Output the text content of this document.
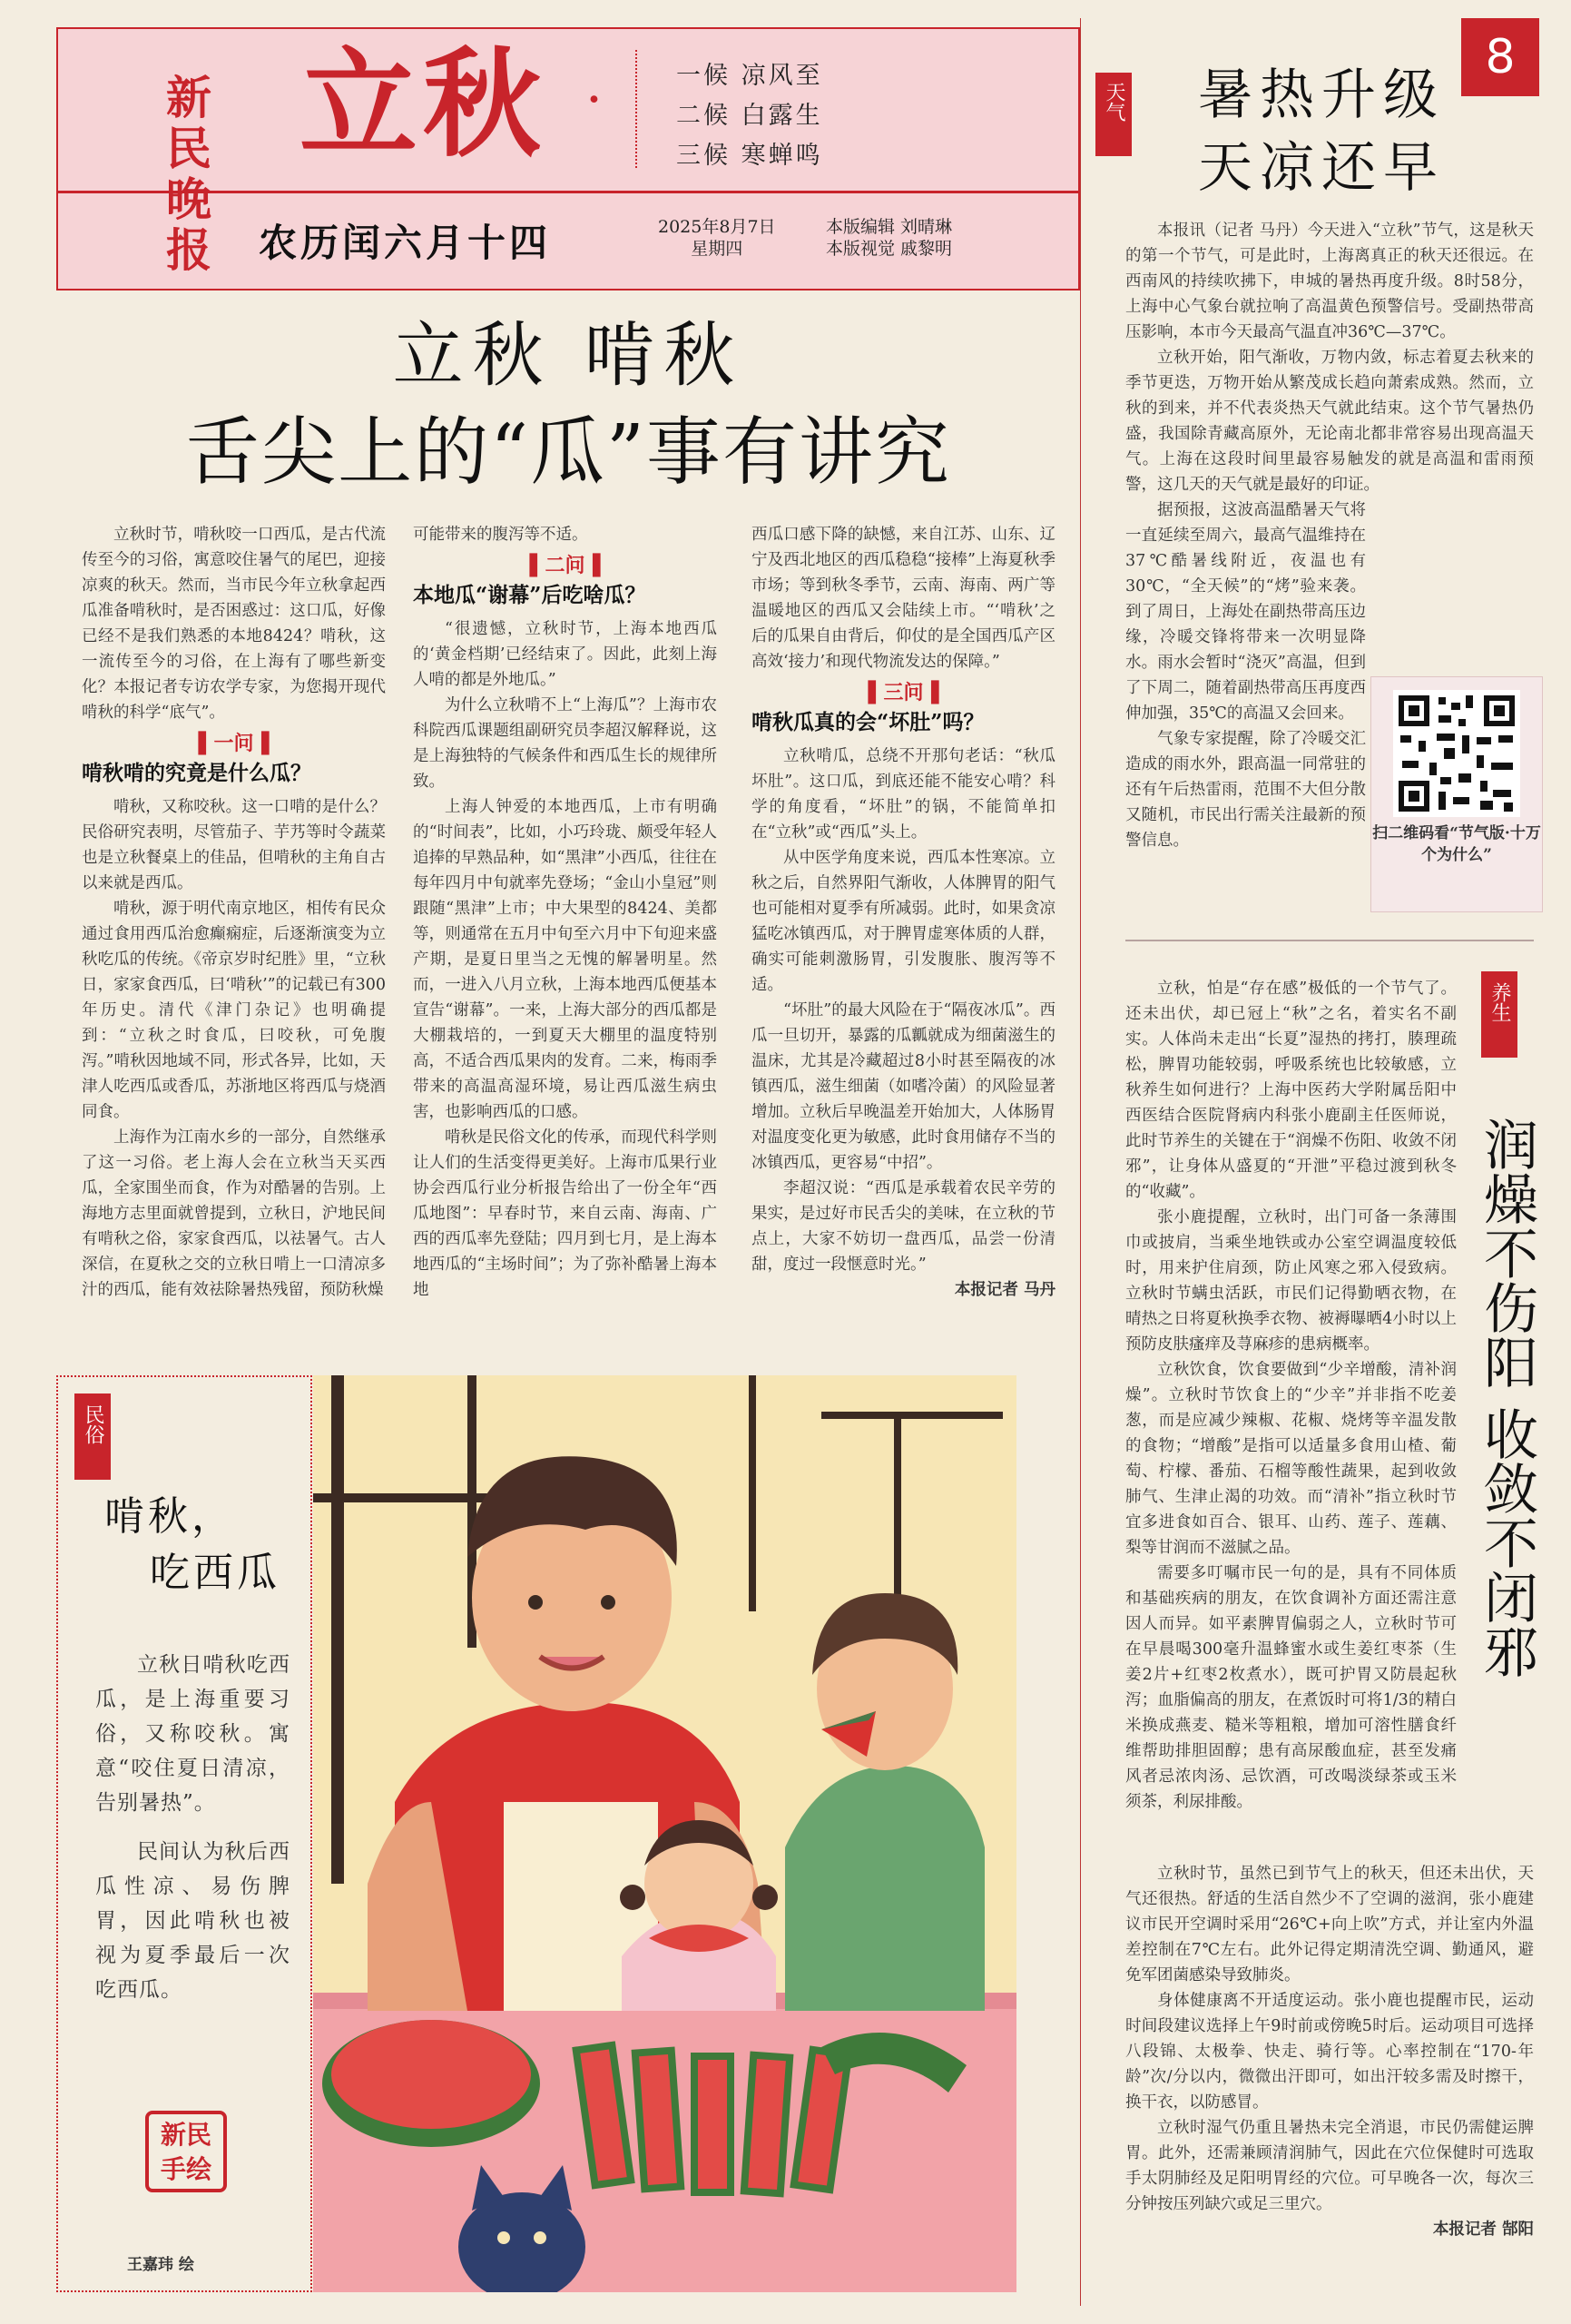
新民晚报
立秋 ·	一候 凉风至
二候 白露生
三候 寒蝉鸣
农历闰六月十四	2025年8月7日
星期四
本版编辑 刘晴琳
本版视觉 戚黎明
立秋 啃秋
舌尖上的“瓜”事有讲究

立秋时节，啃秋咬一口西瓜，是古代流传至今的习俗，寓意咬住暑气的尾巴，迎接凉爽的秋天。然而，当市民今年立秋拿起西瓜准备啃秋时，是否困惑过：这口瓜，好像已经不是我们熟悉的本地8424？啃秋，这一流传至今的习俗，在上海有了哪些新变化？本报记者专访农学专家，为您揭开现代啃秋的科学“底气”。

▌一问▐
啃秋啃的究竟是什么瓜？

啃秋，又称咬秋。这一口啃的是什么？民俗研究表明，尽管茄子、芋艿等时令蔬菜也是立秋餐桌上的佳品，但啃秋的主角自古以来就是西瓜。

啃秋，源于明代南京地区，相传有民众通过食用西瓜治愈癫痫症，后逐渐演变为立秋吃瓜的传统。《帝京岁时纪胜》里，“立秋日，家家食西瓜，曰‘啃秋’”的记载已有300年历史。清代《津门杂记》也明确提到：“立秋之时食瓜，曰咬秋，可免腹泻。”啃秋因地域不同，形式各异，比如，天津人吃西瓜或香瓜，苏浙地区将西瓜与烧酒同食。

上海作为江南水乡的一部分，自然继承了这一习俗。老上海人会在立秋当天买西瓜，全家围坐而食，作为对酷暑的告别。上海地方志里面就曾提到，立秋日，沪地民间有啃秋之俗，家家食西瓜，以祛暑气。古人深信，在夏秋之交的立秋日啃上一口清凉多汁的西瓜，能有效祛除暑热残留，预防秋燥

可能带来的腹泻等不适。
▌二问▐
本地瓜“谢幕”后吃啥瓜？

“很遗憾，立秋时节，上海本地西瓜的‘黄金档期’已经结束了。因此，此刻上海人啃的都是外地瓜。”

为什么立秋啃不上“上海瓜”？上海市农科院西瓜课题组副研究员李超汉解释说，这是上海独特的气候条件和西瓜生长的规律所致。

上海人钟爱的本地西瓜，上市有明确的“时间表”，比如，小巧玲珑、颇受年轻人追捧的早熟品种，如“黑津”小西瓜，往往在每年四月中旬就率先登场；“金山小皇冠”则跟随“黑津”上市；中大果型的8424、美都等，则通常在五月中旬至六月中下旬迎来盛产期，是夏日里当之无愧的解暑明星。然而，一进入八月立秋，上海本地西瓜便基本宣告“谢幕”。一来，上海大部分的西瓜都是大棚栽培的，一到夏天大棚里的温度特别高，不适合西瓜果肉的发育。二来，梅雨季带来的高温高湿环境，易让西瓜滋生病虫害，也影响西瓜的口感。

啃秋是民俗文化的传承，而现代科学则让人们的生活变得更美好。上海市瓜果行业协会西瓜行业分析报告给出了一份全年“西瓜地图”：早春时节，来自云南、海南、广西的西瓜率先登陆；四月到七月，是上海本地西瓜的“主场时间”；为了弥补酷暑上海本地

西瓜口感下降的缺憾，来自江苏、山东、辽宁及西北地区的西瓜稳稳“接棒”上海夏秋季市场；等到秋冬季节，云南、海南、两广等温暖地区的西瓜又会陆续上市。“‘啃秋’之后的瓜果自由背后，仰仗的是全国西瓜产区高效‘接力’和现代物流发达的保障。”

▌三问▐
啃秋瓜真的会“坏肚”吗？

立秋啃瓜，总绕不开那句老话：“秋瓜坏肚”。这口瓜，到底还能不能安心啃？科学的角度看，“坏肚”的锅，不能简单扣在“立秋”或“西瓜”头上。

从中医学角度来说，西瓜本性寒凉。立秋之后，自然界阳气渐收，人体脾胃的阳气也可能相对夏季有所减弱。此时，如果贪凉猛吃冰镇西瓜，对于脾胃虚寒体质的人群，确实可能刺激肠胃，引发腹胀、腹泻等不适。

“坏肚”的最大风险在于“隔夜冰瓜”。西瓜一旦切开，暴露的瓜瓤就成为细菌滋生的温床，尤其是冷藏超过8小时甚至隔夜的冰镇西瓜，滋生细菌（如嗜冷菌）的风险显著增加。立秋后早晚温差开始加大，人体肠胃对温度变化更为敏感，此时食用储存不当的冰镇西瓜，更容易“中招”。

李超汉说：“西瓜是承载着农民辛劳的果实，是过好市民舌尖的美味，在立秋的节点上，大家不妨切一盘西瓜，品尝一份清甜，度过一段惬意时光。”

本报记者 马丹
8
天气 暑热升级
天凉还早

本报讯（记者 马丹）今天进入“立秋”节气，这是秋天的第一个节气，可是此时，上海离真正的秋天还很远。在西南风的持续吹拂下，申城的暑热再度升级。8时58分，上海中心气象台就拉响了高温黄色预警信号。受副热带高压影响，本市今天最高气温直冲36℃—37℃。

立秋开始，阳气渐收，万物内敛，标志着夏去秋来的季节更迭，万物开始从繁茂成长趋向萧索成熟。然而，立秋的到来，并不代表炎热天气就此结束。这个节气暑热仍盛，我国除青藏高原外，无论南北都非常容易出现高温天气。上海在这段时间里最容易触发的就是高温和雷雨预警，这几天的天气就是最好的印证。

据预报，这波高温酷暑天气将一直延续至周六，最高气温维持在37℃酷暑线附近，夜温也有30℃，“全天候”的“烤”验来袭。到了周日，上海处在副热带高压边缘，冷暖交锋将带来一次明显降水。雨水会暂时“浇灭”高温，但到了下周二，随着副热带高压再度西伸加强，35℃的高温又会回来。

气象专家提醒，除了冷暖交汇造成的雨水外，跟高温一同常驻的还有午后热雷雨，范围不大但分散又随机，市民出行需关注最新的预警信息。	扫二维码看“节气版·十万个为什么”
养生
润燥不伤阳 收敛不闭邪

立秋，怕是“存在感”极低的一个节气了。还未出伏，却已冠上“秋”之名，着实名不副实。人体尚未走出“长夏”湿热的拷打，腠理疏松，脾胃功能较弱，呼吸系统也比较敏感，立秋养生如何进行？上海中医药大学附属岳阳中西医结合医院肾病内科张小鹿副主任医师说，此时节养生的关键在于“润燥不伤阳、收敛不闭邪”，让身体从盛夏的“开泄”平稳过渡到秋冬的“收藏”。

张小鹿提醒，立秋时，出门可备一条薄围巾或披肩，当乘坐地铁或办公室空调温度较低时，用来护住肩颈，防止风寒之邪入侵致病。立秋时节螨虫活跃，市民们记得勤晒衣物，在晴热之日将夏秋换季衣物、被褥曝晒4小时以上预防皮肤瘙痒及荨麻疹的患病概率。

立秋饮食，饮食要做到“少辛增酸，清补润燥”。立秋时节饮食上的“少辛”并非指不吃姜葱，而是应减少辣椒、花椒、烧烤等辛温发散的食物；“增酸”是指可以适量多食用山楂、葡萄、柠檬、番茄、石榴等酸性蔬果，起到收敛肺气、生津止渴的功效。而“清补”指立秋时节宜多进食如百合、银耳、山药、莲子、莲藕、梨等甘润而不滋腻之品。

需要多叮嘱市民一句的是，具有不同体质和基础疾病的朋友，在饮食调补方面还需注意因人而异。如平素脾胃偏弱之人，立秋时节可在早晨喝300毫升温蜂蜜水或生姜红枣茶（生姜2片+红枣2枚煮水），既可护胃又防晨起秋泻；血脂偏高的朋友，在煮饭时可将1/3的精白米换成燕麦、糙米等粗粮，增加可溶性膳食纤维帮助排胆固醇；患有高尿酸血症，甚至发痛风者忌浓肉汤、忌饮酒，可改喝淡绿茶或玉米须茶，利尿排酸。

立秋时节，虽然已到节气上的秋天，但还未出伏，天气还很热。舒适的生活自然少不了空调的滋润，张小鹿建议市民开空调时采用“26℃+向上吹”方式，并让室内外温差控制在7℃左右。此外记得定期清洗空调、勤通风，避免军团菌感染导致肺炎。

身体健康离不开适度运动。张小鹿也提醒市民，运动时间段建议选择上午9时前或傍晚5时后。运动项目可选择八段锦、太极拳、快走、骑行等。心率控制在“170-年龄”次/分以内，微微出汗即可，如出汗较多需及时擦干，换干衣，以防感冒。

立秋时湿气仍重且暑热未完全消退，市民仍需健运脾胃。此外，还需兼顾清润肺气，因此在穴位保健时可选取手太阴肺经及足阳明胃经的穴位。可早晚各一次，每次三分钟按压列缺穴或足三里穴。

本报记者 郜阳
民俗
啃秋，
吃西瓜

立秋日啃秋吃西瓜，是上海重要习俗，又称咬秋。寓意“咬住夏日清凉，告别暑热”。

民间认为秋后西瓜性凉、易伤脾胃，因此啃秋也被视为夏季最后一次吃西瓜。

新民手绘
王嘉玮 绘
